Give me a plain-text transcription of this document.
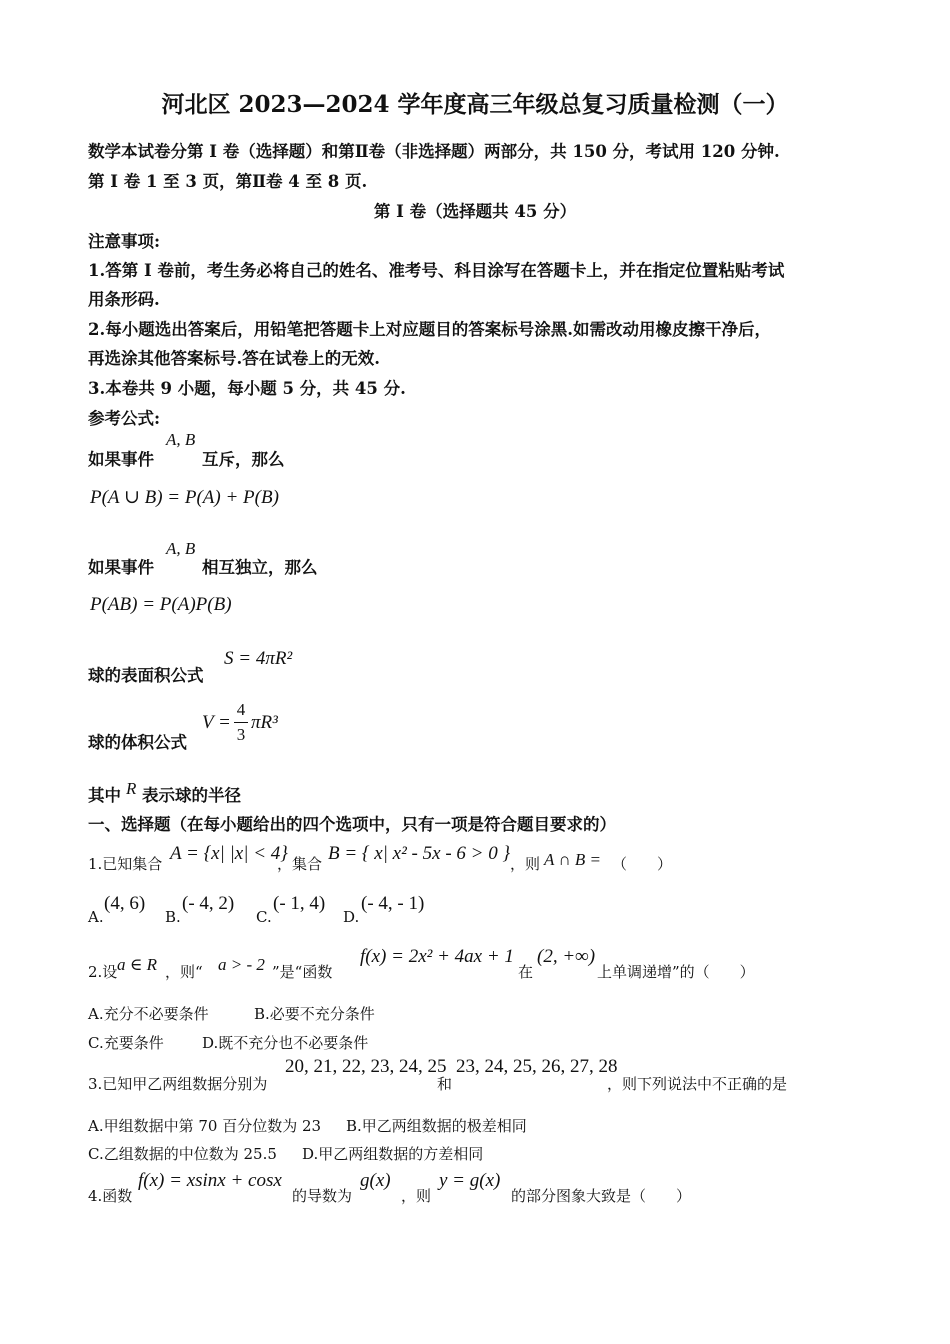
河北区 2023—2024 学年度高三年级总复习质量检测（一）
数学本试卷分第 I 卷（选择题）和第Ⅱ卷（非选择题）两部分，共 150 分，考试用 120 分钟.
第 I 卷 1 至 3 页，第Ⅱ卷 4 至 8 页.
第 I 卷（选择题共 45 分）
注意事项:
1.答第 I 卷前，考生务必将自己的姓名、准考号、科目涂写在答题卡上，并在指定位置粘贴考试
用条形码.
2.每小题选出答案后，用铅笔把答题卡上对应题目的答案标号涂黑.如需改动用橡皮擦干净后，
再选涂其他答案标号.答在试卷上的无效.
3.本卷共 9 小题，每小题 5 分，共 45 分.
参考公式:
如果事件
A, B
互斥，那么
P(A ∪ B) = P(A) + P(B)
如果事件
A, B
相互独立，那么
P(AB) = P(A)P(B)
球的表面积公式
S = 4πR²
球的体积公式
V =
4
3
πR³
其中 R 表示球的半径
一、选择题（在每小题给出的四个选项中，只有一项是符合题目要求的）
1.已知集合 A = {x| |x| < 4}
，集合 B = { x| x² - 5x - 6 > 0 } ，则 A ∩ B = （　　）
A.
(4, 6)
B.
(- 4, 2)
C.
(- 1, 4)
D.
(- 4, - 1)
2.设 a ∈ R ，则“ a > - 2 ”是“函数
f(x) = 2x² + 4ax + 1
在
(2, +∞)
上单调递增”的（　　）
A.充分不必要条件	B.必要不充分条件
C.充要条件	D.既不充分也不必要条件
3.已知甲乙两组数据分别为
20, 21, 22, 23, 24, 25
和
23, 24, 25, 26, 27, 28
，则下列说法中不正确的是
A.甲组数据中第 70 百分位数为 23 B.甲乙两组数据的极差相同
C.乙组数据的中位数为 25.5 D.甲乙两组数据的方差相同
4.函数
f(x) = xsinx + cosx
的导数为
g(x)
，则
y = g(x)
的部分图象大致是（　　）
